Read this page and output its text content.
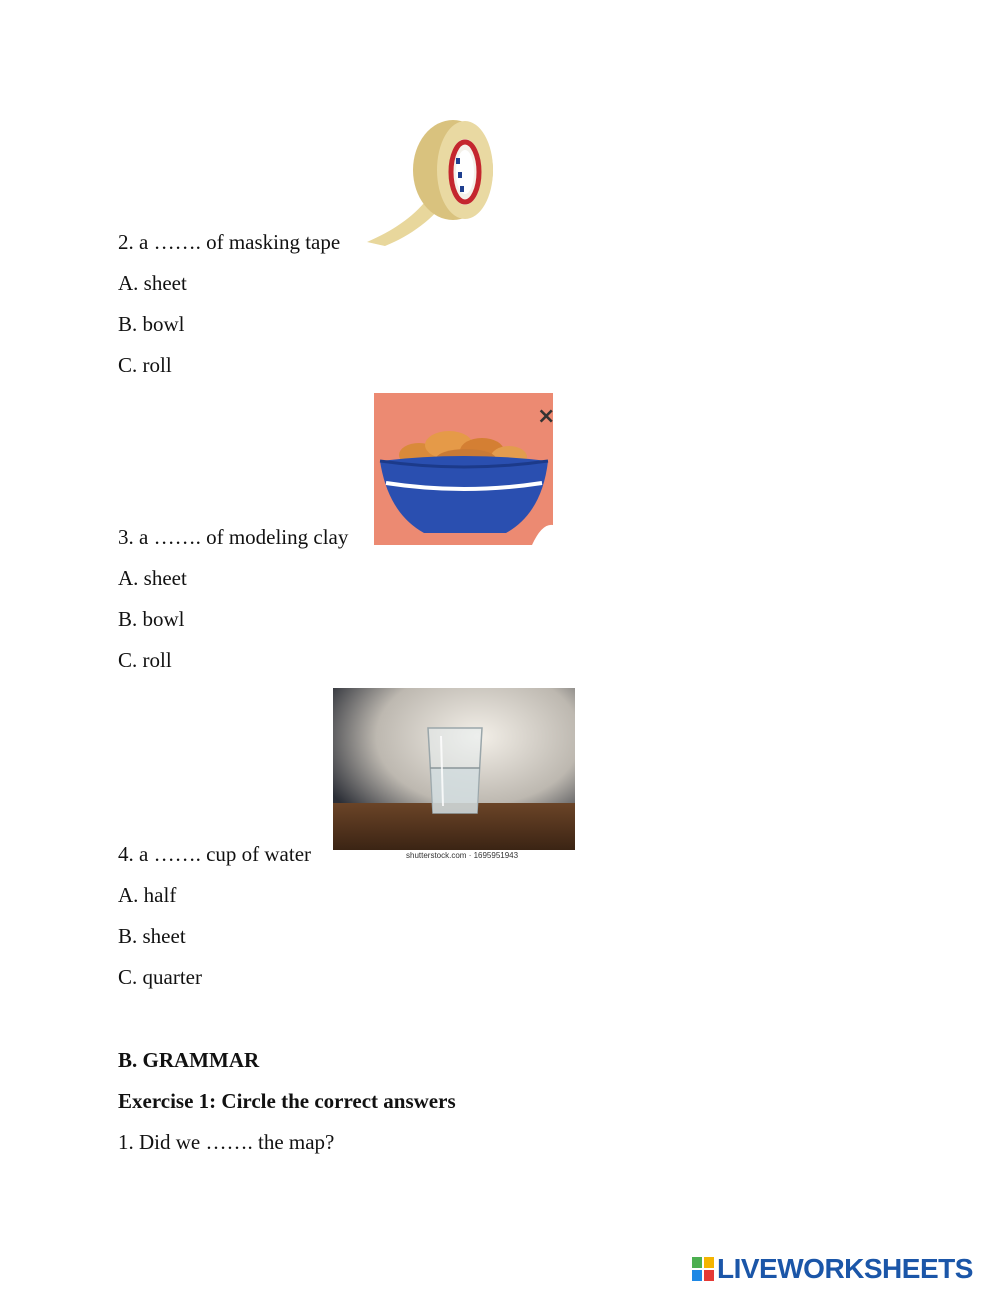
2. a ……. of masking tape
A. sheet
B. bowl
C. roll
×
3. a ……. of modeling clay
A. sheet
B. bowl
C. roll
shutterstock.com · 1695951943
4. a ……. cup of water
A. half
B. sheet
C. quarter
B. GRAMMAR
Exercise 1: Circle the correct answers
1. Did we ……. the map?
LIVEWORKSHEETS
